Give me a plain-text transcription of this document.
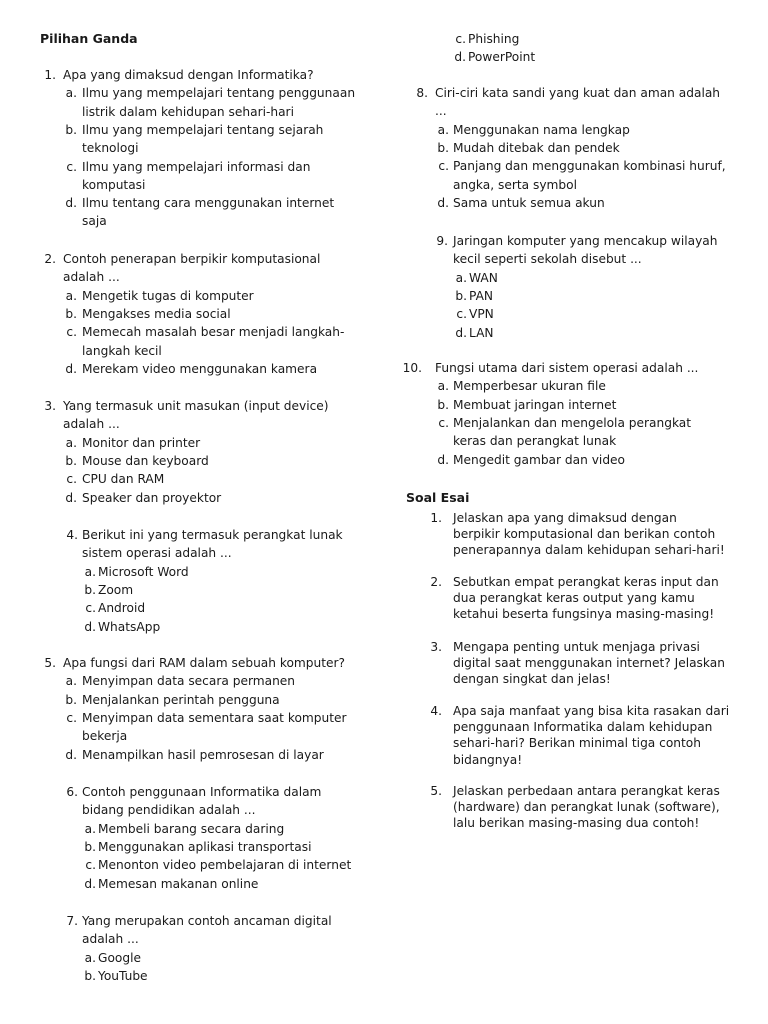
Pilihan Ganda
1. Apa yang dimaksud dengan Informatika?
a. Ilmu yang mempelajari tentang penggunaan
listrik dalam kehidupan sehari-hari
b. Ilmu yang mempelajari tentang sejarah
teknologi
c. Ilmu yang mempelajari informasi dan
komputasi
d. Ilmu tentang cara menggunakan internet
saja
2. Contoh penerapan berpikir komputasional
adalah ...
a. Mengetik tugas di komputer
b. Mengakses media social
c. Memecah masalah besar menjadi langkah-
langkah kecil
d. Merekam video menggunakan kamera
3. Yang termasuk unit masukan (input device)
adalah ...
a. Monitor dan printer
b. Mouse dan keyboard
c. CPU dan RAM
d. Speaker dan proyektor
4. Berikut ini yang termasuk perangkat lunak
sistem operasi adalah ...
a. Microsoft Word
b. Zoom
c. Android
d. WhatsApp
5. Apa fungsi dari RAM dalam sebuah komputer?
a. Menyimpan data secara permanen
b. Menjalankan perintah pengguna
c. Menyimpan data sementara saat komputer
bekerja
d. Menampilkan hasil pemrosesan di layar
6. Contoh penggunaan Informatika dalam
bidang pendidikan adalah ...
a. Membeli barang secara daring
b. Menggunakan aplikasi transportasi
c. Menonton video pembelajaran di internet
d. Memesan makanan online
7. Yang merupakan contoh ancaman digital
adalah ...
a. Google
b. YouTube
c. Phishing
d. PowerPoint
8. Ciri-ciri kata sandi yang kuat dan aman adalah
...
a. Menggunakan nama lengkap
b. Mudah ditebak dan pendek
c. Panjang dan menggunakan kombinasi huruf,
angka, serta symbol
d. Sama untuk semua akun
9. Jaringan komputer yang mencakup wilayah
kecil seperti sekolah disebut ...
a. WAN
b. PAN
c. VPN
d. LAN
10. Fungsi utama dari sistem operasi adalah ...
a. Memperbesar ukuran file
b. Membuat jaringan internet
c. Menjalankan dan mengelola perangkat
keras dan perangkat lunak
d. Mengedit gambar dan video
Soal Esai
1. Jelaskan apa yang dimaksud dengan
berpikir komputasional dan berikan contoh
penerapannya dalam kehidupan sehari-hari!
2. Sebutkan empat perangkat keras input dan
dua perangkat keras output yang kamu
ketahui beserta fungsinya masing-masing!
3. Mengapa penting untuk menjaga privasi
digital saat menggunakan internet? Jelaskan
dengan singkat dan jelas!
4. Apa saja manfaat yang bisa kita rasakan dari
penggunaan Informatika dalam kehidupan
sehari-hari? Berikan minimal tiga contoh
bidangnya!
5. Jelaskan perbedaan antara perangkat keras
(hardware) dan perangkat lunak (software),
lalu berikan masing-masing dua contoh!
